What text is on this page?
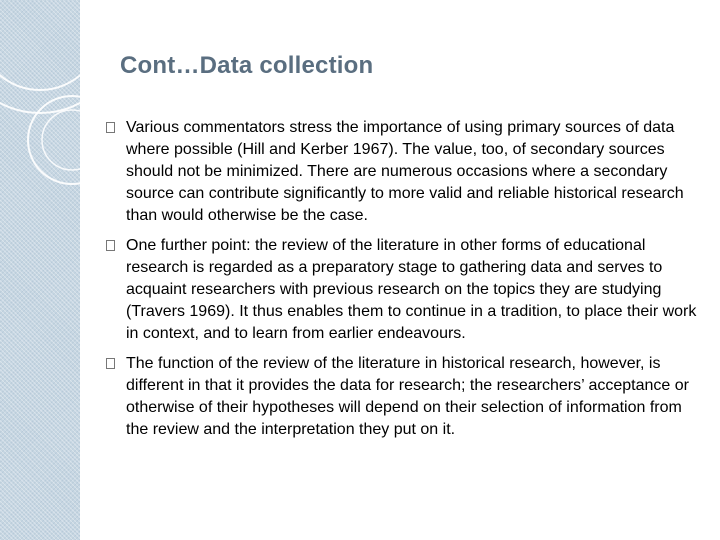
Cont…Data collection
Various commentators stress the importance of using primary sources of data where possible (Hill and Kerber 1967). The value, too, of secondary sources should not be minimized. There are numerous occasions where a secondary source can contribute significantly to more valid and reliable historical research than would otherwise be the case.
One further point: the review of the literature in other forms of educational research is regarded as a preparatory stage to gathering data and serves to acquaint researchers with previous research on the topics they are studying (Travers 1969). It thus enables them to continue in a tradition, to place their work in context, and to learn from earlier endeavours.
The function of the review of the literature in historical research, however, is different in that it provides the data for research; the researchers’ acceptance or otherwise of their hypotheses will depend on their selection of information from the review and the interpretation they put on it.
